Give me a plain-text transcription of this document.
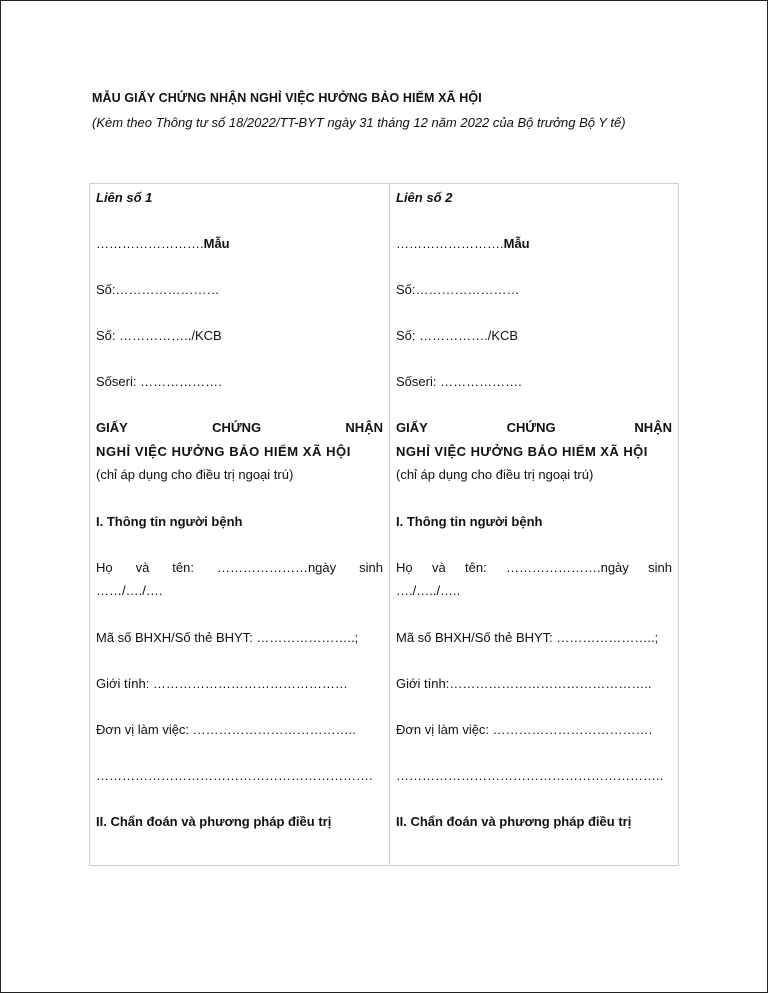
MẪU GIẤY CHỨNG NHẬN NGHỈ VIỆC HƯỞNG BẢO HIỂM XÃ HỘI
(Kèm theo Thông tư số 18/2022/TT-BYT ngày 31 tháng 12 năm 2022 của Bộ trưởng Bộ Y tế)
Liên số 1
…………………….Mẫu
Số:……………………
Số: ……………../KCB
Sốseri: ……………….
GIẤY	CHỨNG	NHẬN
NGHỈ VIỆC HƯỞNG BẢO HIỂM XÃ HỘI
(chỉ áp dụng cho điều trị ngoại trú)
I. Thông tin người bệnh
Họ và tên: …………………ngày sinh
……/…./….
Mã số BHXH/Số thẻ BHYT: …………………..;
Giới tính: ………………………………………
Đơn vị làm việc: ………………………………..
……………………………………………………….
II. Chẩn đoán và phương pháp điều trị
Liên số 2
…………………….Mẫu
Số:……………………
Số: ……………./KCB
Sốseri: ……………….
GIẤY	CHỨNG	NHẬN
NGHỈ VIỆC HƯỞNG BẢO HIỂM XÃ HỘI
(chỉ áp dụng cho điều trị ngoại trú)
I. Thông tin người bệnh
Họ và tên: ………………….ngày sinh
…./…../…..
Mã số BHXH/Số thẻ BHYT: …………………..;
Giới tính:………………………………………..
Đơn vị làm việc: ……………………………….
……………………………………………………..
II. Chẩn đoán và phương pháp điều trị
